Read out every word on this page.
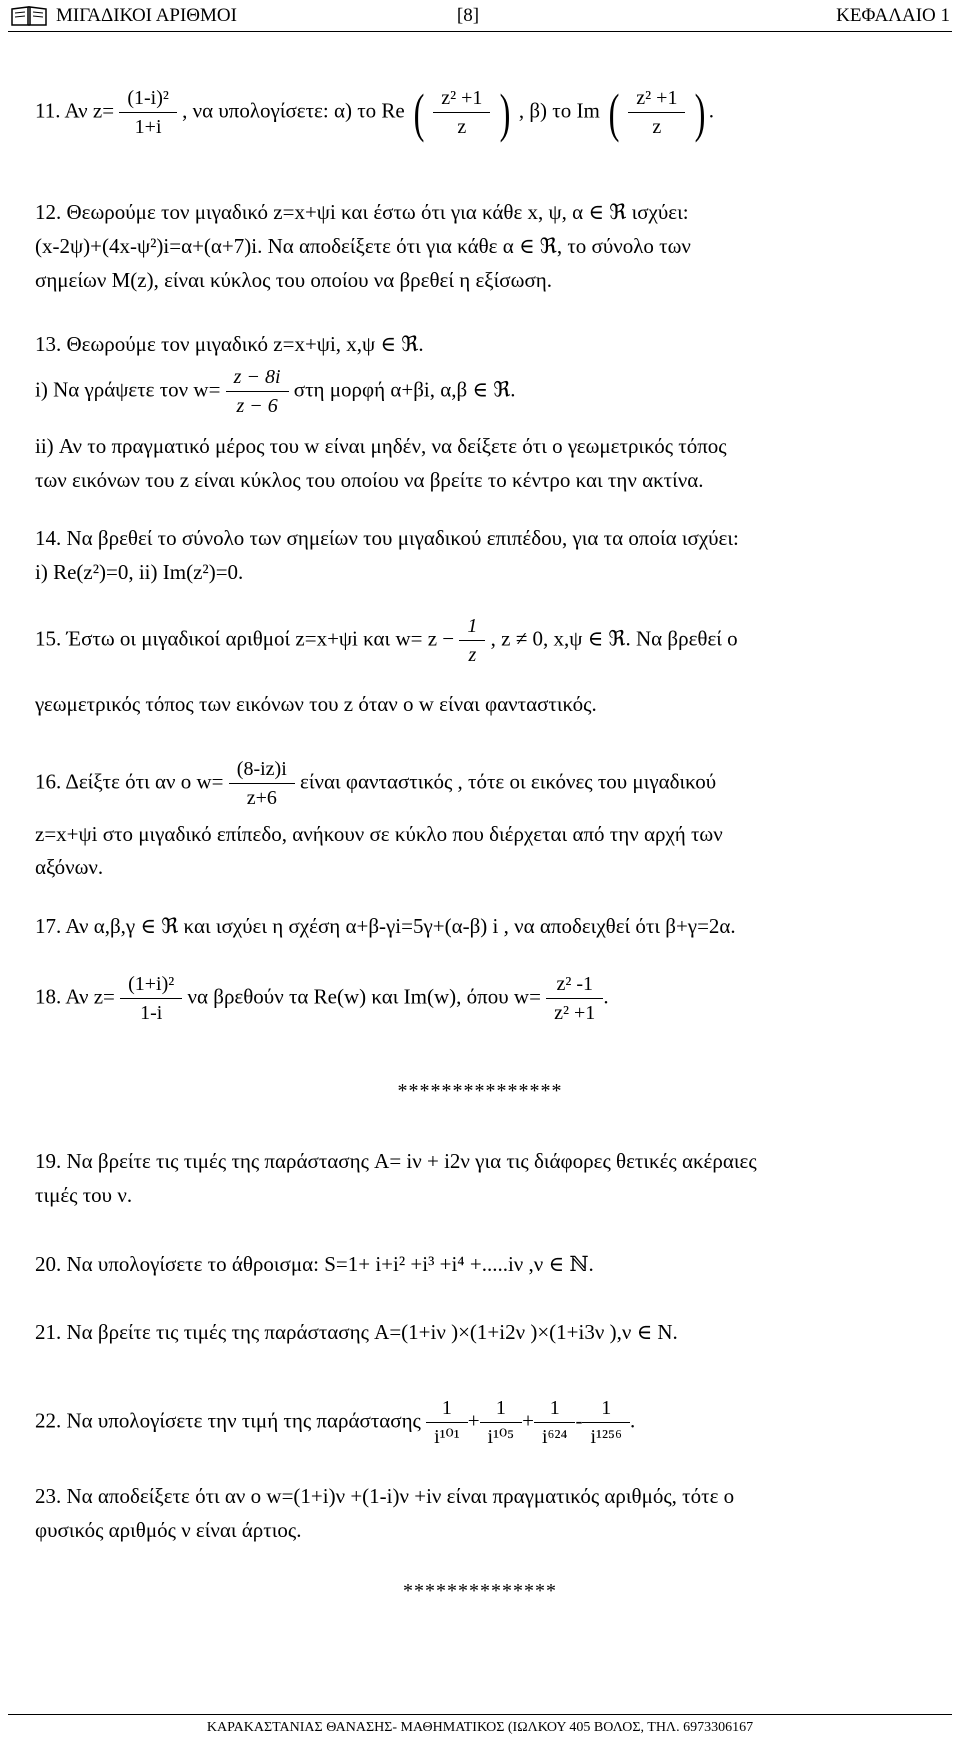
ΜΙΓΑΔΙΚΟΙ ΑΡΙΘΜΟΙ	[8]	ΚΕΦΑΛΑΙΟ 1
11. Αν $z= \frac{\text{(1-i)²}}{1+i}$ , να υπολογίσετε: α) το Re ( $\frac{\text{z² +1}}{z}$ ) , β) το Im ( $\frac{\text{z² +1}}{z}$ ) .
12. Θεωρούμε τον μιγαδικό z=x+ψi και έστω ότι για κάθε x, ψ, α ∈ ℜ ισχύει:
(x-2ψ)+(4x-ψ²)i=α+(α+7)i. Να αποδείξετε ότι για κάθε α ∈ ℜ, το σύνολο των
σημείων M(z), είναι κύκλος του οποίου να βρεθεί η εξίσωση.
13. Θεωρούμε τον μιγαδικό z=x+ψi, x,ψ ∈ ℜ.
i) Να γράψετε τον $w= \frac{z - 8i}{z - 6}$ στη μορφή α+βi, α,β ∈ ℜ.
ii) Αν το πραγματικό μέρος του w είναι μηδέν, να δείξετε ότι ο γεωμετρικός τόπος
των εικόνων του z είναι κύκλος του οποίου να βρείτε το κέντρο και την ακτίνα.
14. Να βρεθεί το σύνολο των σημείων του μιγαδικού επιπέδου, για τα οποία ισχύει:
i) Re(z²)=0, ii) Im(z²)=0.
15. Έστω οι μιγαδικοί αριθμοί z=x+ψi και $w= z - \frac{1}{z}$ , z ≠ 0, x,ψ ∈ ℜ. Να βρεθεί ο
γεωμετρικός τόπος των εικόνων του z όταν ο w είναι φανταστικός.
16. Δείξτε ότι αν ο $w= \frac{(8-iz)i}{z+6}$ είναι φανταστικός , τότε οι εικόνες του μιγαδικού
z=x+ψi στο μιγαδικό επίπεδο, ανήκουν σε κύκλο που διέρχεται από την αρχή των
αξόνων.
17. Αν α,β,γ ∈ ℜ και ισχύει η σχέση α+β-γi=5γ+(α-β) i , να αποδειχθεί ότι β+γ=2α.
18. Αν $z= \frac{\text{(1+i)²}}{1-i}$ να βρεθούν τα Re(w) και Im(w), όπου $w= \frac{\text{z² -1}}{\text{z² +1}}$ .
***************
19. Να βρείτε τις τιμές της παράστασης A= iν + i2ν για τις διάφορες θετικές ακέραιες
τιμές του ν.
20. Να υπολογίσετε το άθροισμα: S=1+ i+i² +i³ +i⁴ +.....iν ,ν ∈ ℕ.
21. Να βρείτε τις τιμές της παράστασης A=(1+iν )×(1+i2ν )×(1+i3ν ),ν ∈ Ν.
22. Να υπολογίσετε την τιμή της παράστασης $\frac{1}{\text{i¹⁰¹}} + \frac{1}{\text{i¹⁰⁵}} + \frac{1}{\text{i⁶²⁴}} - \frac{1}{\text{i¹²⁵⁶}}$ .
23. Να αποδείξετε ότι αν ο w=(1+i)ν +(1-i)ν +iν είναι πραγματικός αριθμός, τότε ο
φυσικός αριθμός ν είναι άρτιος.
**************
ΚΑΡΑΚΑΣΤΑΝΙΑΣ ΘΑΝΑΣΗΣ- ΜΑΘΗΜΑΤΙΚΟΣ (ΙΩΛΚΟΥ 405 ΒΟΛΟΣ, ΤΗΛ. 6973306167
